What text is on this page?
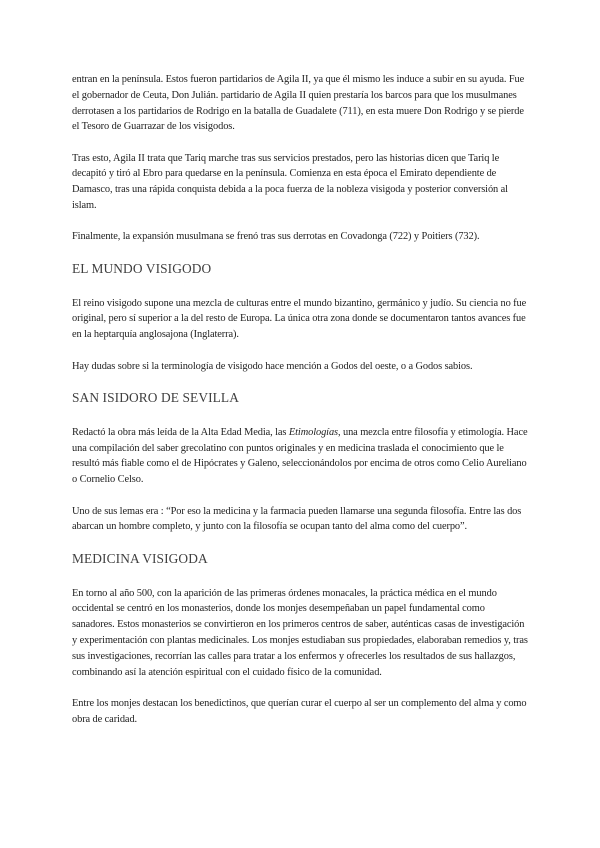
entran en la península. Estos fueron partidarios de Agila II, ya que él mismo les induce a subir en su ayuda. Fue el gobernador de Ceuta, Don Julián. partidario de Agila II quien prestaría los barcos para que los musulmanes derrotasen a los partidarios de Rodrigo en la batalla de Guadalete (711), en esta muere Don Rodrigo y se pierde el Tesoro de Guarrazar de los visigodos.

Tras esto, Agila II trata que Tariq marche tras sus servicios prestados, pero las historias dicen que Tariq le decapitó y tiró al Ebro para quedarse en la península. Comienza en esta época el Emirato dependiente de Damasco, tras una rápida conquista debida a la poca fuerza de la nobleza visigoda y posterior conversión al islam.

Finalmente, la expansión musulmana se frenó tras sus derrotas en Covadonga (722) y Poitiers (732).

EL MUNDO VISIGODO

El reino visigodo supone una mezcla de culturas entre el mundo bizantino, germánico y judío. Su ciencia no fue original, pero sí superior a la del resto de Europa. La única otra zona donde se documentaron tantos avances fue en la heptarquía anglosajona (Inglaterra).

Hay dudas sobre si la terminología de visigodo hace mención a Godos del oeste, o a Godos sabios.

SAN ISIDORO DE SEVILLA

Redactó la obra más leída de la Alta Edad Media, las Etimologías, una mezcla entre filosofía y etimología. Hace una compilación del saber grecolatino con puntos originales y en medicina traslada el conocimiento que le resultó más fiable como el de Hipócrates y Galeno, seleccionándolos por encima de otros como Celio Aureliano o Cornelio Celso.

Uno de sus lemas era : “Por eso la medicina y la farmacia pueden llamarse una segunda filosofía. Entre las dos abarcan un hombre completo, y junto con la filosofía se ocupan tanto del alma como del cuerpo”.

MEDICINA VISIGODA

En torno al año 500, con la aparición de las primeras órdenes monacales, la práctica médica en el mundo occidental se centró en los monasterios, donde los monjes desempeñaban un papel fundamental como sanadores. Estos monasterios se convirtieron en los primeros centros de saber, auténticas casas de investigación y experimentación con plantas medicinales. Los monjes estudiaban sus propiedades, elaboraban remedios y, tras sus investigaciones, recorrían las calles para tratar a los enfermos y ofrecerles los resultados de sus hallazgos, combinando así la atención espiritual con el cuidado físico de la comunidad.

Entre los monjes destacan los benedictinos, que querían curar el cuerpo al ser un complemento del alma y como obra de caridad.
